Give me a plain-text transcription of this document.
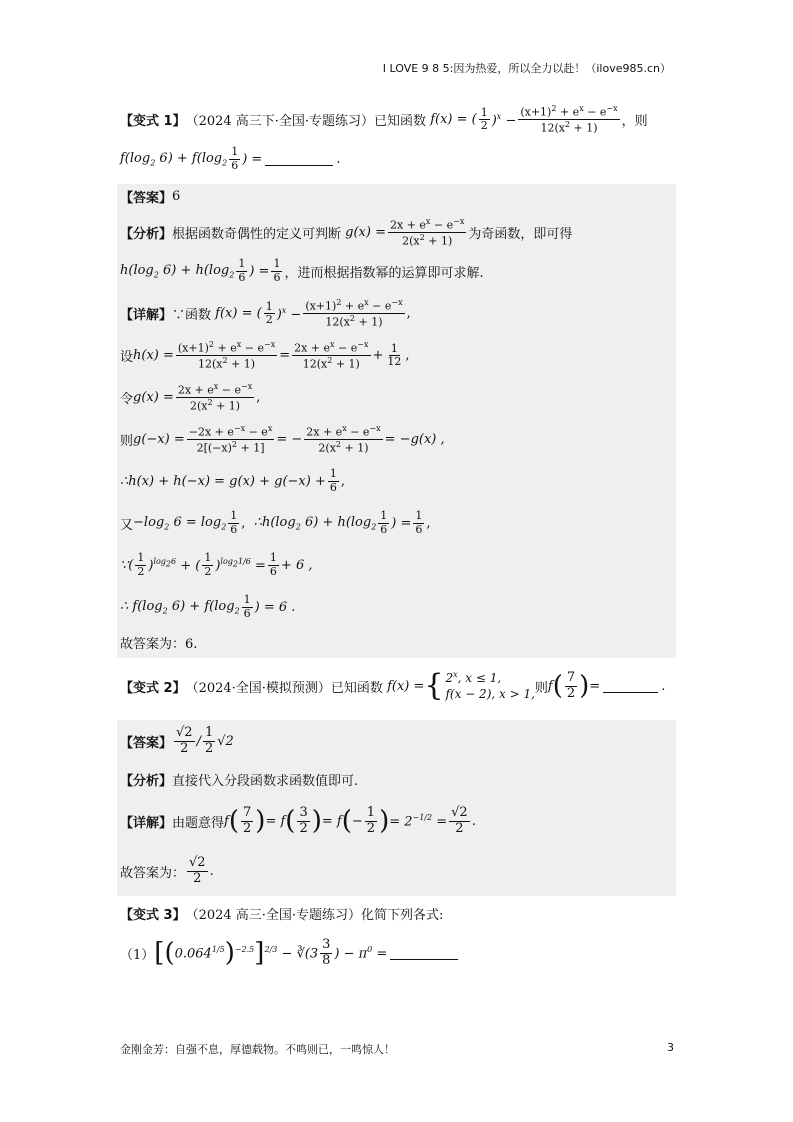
I LOVE 9 8 5:因为热爱，所以全力以赴！（ilove985.cn）
【变式 1】 （2024 高三下·全国·专题练习）已知函数 f(x) = ( $\frac{1}{2} )^x - \frac{(x+1)^2 + e^x - e^{-x}}{12(x^2 + 1)}$ ，则
$f(\log_2$ $6) + f(\log_2 \frac{1}{6}$ ) =	.
【答案】 6
【分析】 根据函数奇偶性的定义可判断 $g(x) = \frac{2x + e^x - e^{-x}}{2(x^2 + 1)}$ 为奇函数，即可得
$h(\log_2$ $6) + h(\log_2 \frac{1}{6}$ ) = $\frac{1}{6}$ ，进而根据指数幂的运算即可求解.
【详解】 ∵函数 f(x) = ( $\frac{1}{2} )^x - \frac{(x+1)^2 + e^x - e^{-x}}{12(x^2 + 1)}$ ,
设 $h(x) = \frac{(x+1)^2 + e^x - e^{-x}}{12(x^2 + 1)} = \frac{2x + e^x - e^{-x}}{12(x^2 + 1)} + \frac{1}{12}$ ,
令 $g(x) = \frac{2x + e^x - e^{-x}}{2(x^2 + 1)}$ ,
则 $g(-x) = \frac{-2x + e^{-x} - e^x}{2[(-x)^2 + 1]}$ = − $\frac{2x + e^x - e^{-x}}{2(x^2 + 1)} = -g(x)$ ,
∴h(x) + $h(-x) = g(x) + g(-x) + \frac{1}{6}$ ,
又 $-\log_2$ $6 = \log_2 \frac{1}{6}$ , $\therefore h(\log_2$ $6) + h(\log_2 \frac{1}{6}$ ) = $\frac{1}{6}$ ,
∵( $\frac{1}{2} )^{log_26}$ + ( $\frac{1}{2} )^{log_21/6} = \frac{1}{6} + 6$ ,
∴ $f(\log_2$ $6) + f(\log_2 \frac{1}{6}$ ) = 6 .
故答案为：6.
【变式 2】 （2024·全国·模拟预测）已知函数 f(x) = { 2$^x$, x ≤ 1,
f(x − 2), x > 1, 则 f ( $\frac{7}{2}$ ) =	.
【答案】 $\frac{√2}{2} / \frac{1}{2} √2$
【分析】 直接代入分段函数求函数值即可.
【详解】 由题意得 f ( $\frac{7}{2}$ ) = f ( $\frac{3}{2}$ ) = f ( − $\frac{1}{2}$ ) = $2^{-1/2} = \frac{√2}{2}$ .
故答案为： $\frac{√2}{2}$ .
【变式 3】 （2024 高三·全国·专题练习）化简下列各式:
（1） [ ( $0.064^{1/5}$ ) $^{-2.5}$ ] $^{2/3}$ − ∛(3 $\frac{3}{8}$ ) − $\pi^0$ =
金刚金芳：自强不息，厚德载物。不鸣则已，一鸣惊人！	3
